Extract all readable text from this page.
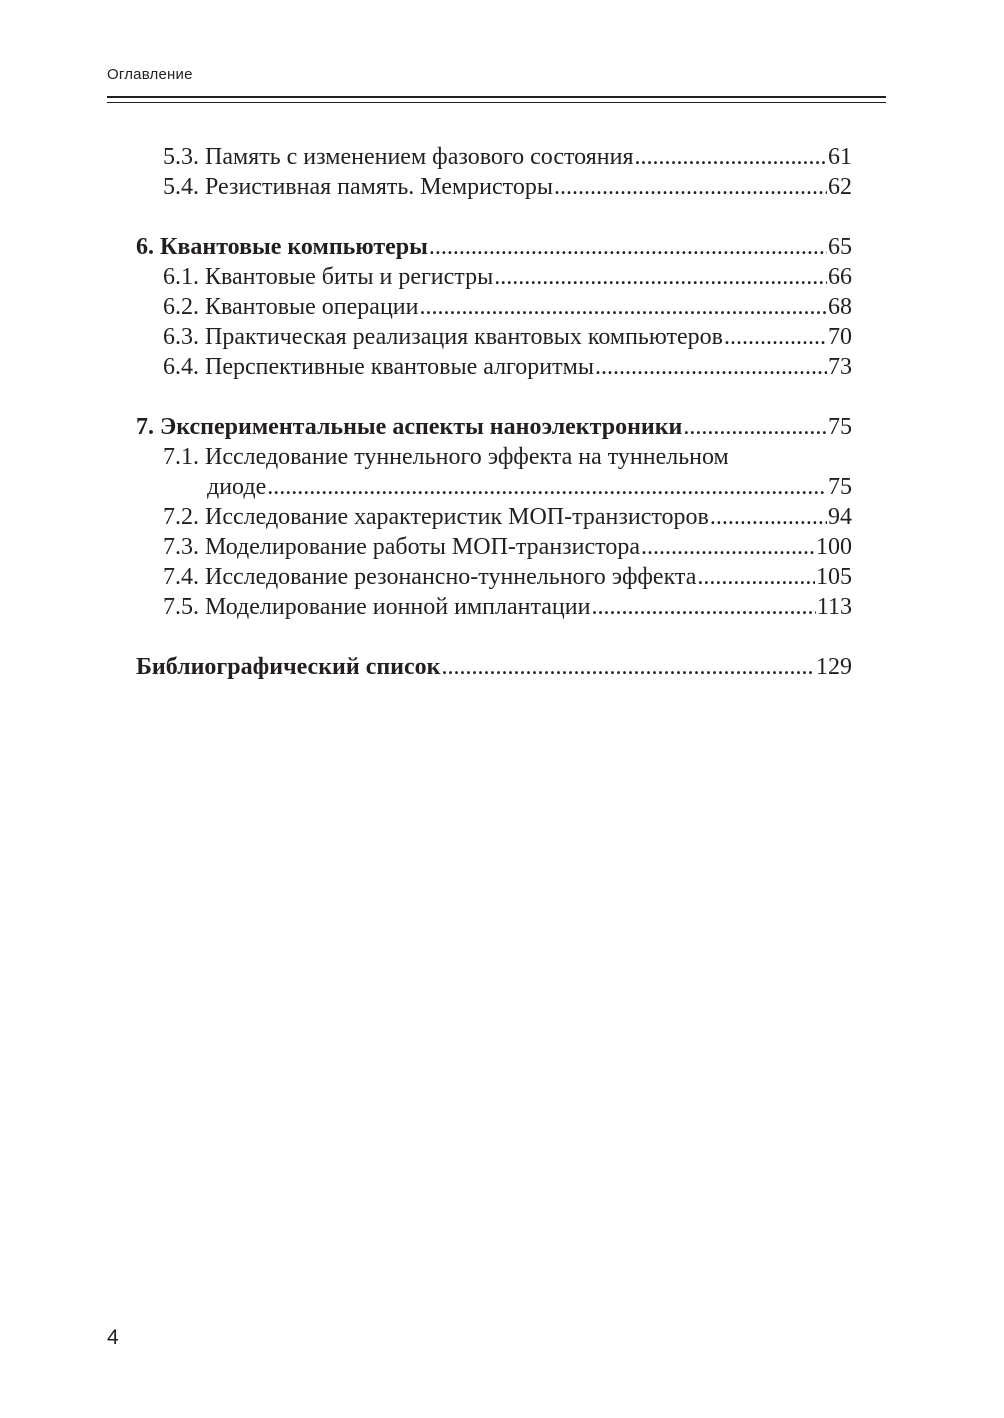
Оглавление
5.3. Память с изменением фазового состояния .....	61
5.4. Резистивная память. Мемристоры .....	62
6. Квантовые компьютеры .....	65
6.1. Квантовые биты и регистры .....	66
6.2. Квантовые операции .....	68
6.3. Практическая реализация квантовых компьютеров .....	70
6.4. Перспективные квантовые алгоритмы .....	73
7. Экспериментальные аспекты наноэлектроники .....	75
7.1. Исследование туннельного эффекта на туннельном
диоде .....	75
7.2. Исследование характеристик МОП-транзисторов .....	94
7.3. Моделирование работы МОП-транзистора .....	100
7.4. Исследование резонансно-туннельного эффекта .....	105
7.5. Моделирование ионной имплантации .....	113
Библиографический список .....	129
4
